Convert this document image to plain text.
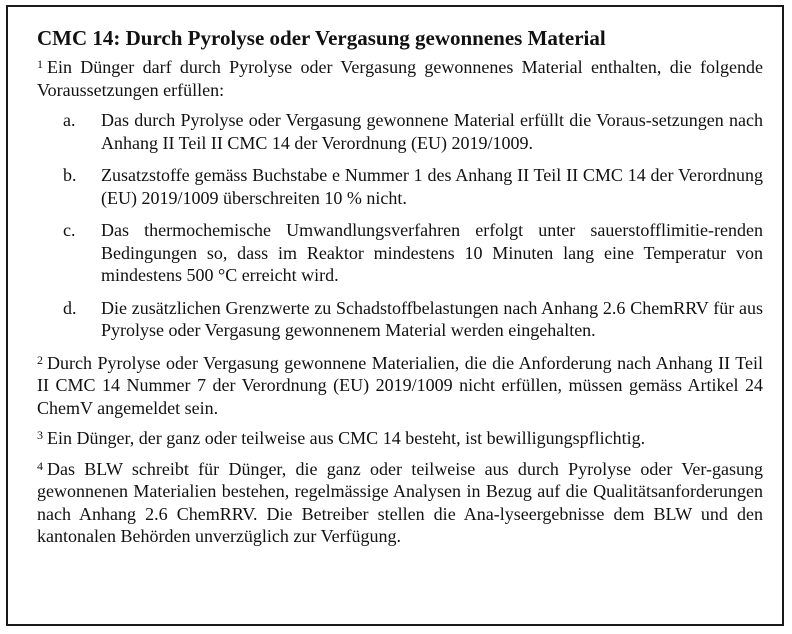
CMC 14: Durch Pyrolyse oder Vergasung gewonnenes Material

$^1$ Ein Dünger darf durch Pyrolyse oder Vergasung gewonnenes Material enthalten, die folgende Voraussetzungen erfüllen:

a.	Das durch Pyrolyse oder Vergasung gewonnene Material erfüllt die Voraus-setzungen nach Anhang II Teil II CMC 14 der Verordnung (EU) 2019/1009.
b.	Zusatzstoffe gemäss Buchstabe e Nummer 1 des Anhang II Teil II CMC 14 der Verordnung (EU) 2019/1009 überschreiten 10 % nicht.
c.	Das thermochemische Umwandlungsverfahren erfolgt unter sauerstofflimitie-renden Bedingungen so, dass im Reaktor mindestens 10 Minuten lang eine Temperatur von mindestens 500 °C erreicht wird.
d.	Die zusätzlichen Grenzwerte zu Schadstoffbelastungen nach Anhang 2.6 ChemRRV für aus Pyrolyse oder Vergasung gewonnenem Material werden eingehalten.

$^2$ Durch Pyrolyse oder Vergasung gewonnene Materialien, die die Anforderung nach Anhang II Teil II CMC 14 Nummer 7 der Verordnung (EU) 2019/1009 nicht erfüllen, müssen gemäss Artikel 24 ChemV angemeldet sein.

$^3$ Ein Dünger, der ganz oder teilweise aus CMC 14 besteht, ist bewilligungspflichtig.

$^4$ Das BLW schreibt für Dünger, die ganz oder teilweise aus durch Pyrolyse oder Ver-gasung gewonnenen Materialien bestehen, regelmässige Analysen in Bezug auf die Qualitätsanforderungen nach Anhang 2.6 ChemRRV. Die Betreiber stellen die Ana-lyseergebnisse dem BLW und den kantonalen Behörden unverzüglich zur Verfügung.
